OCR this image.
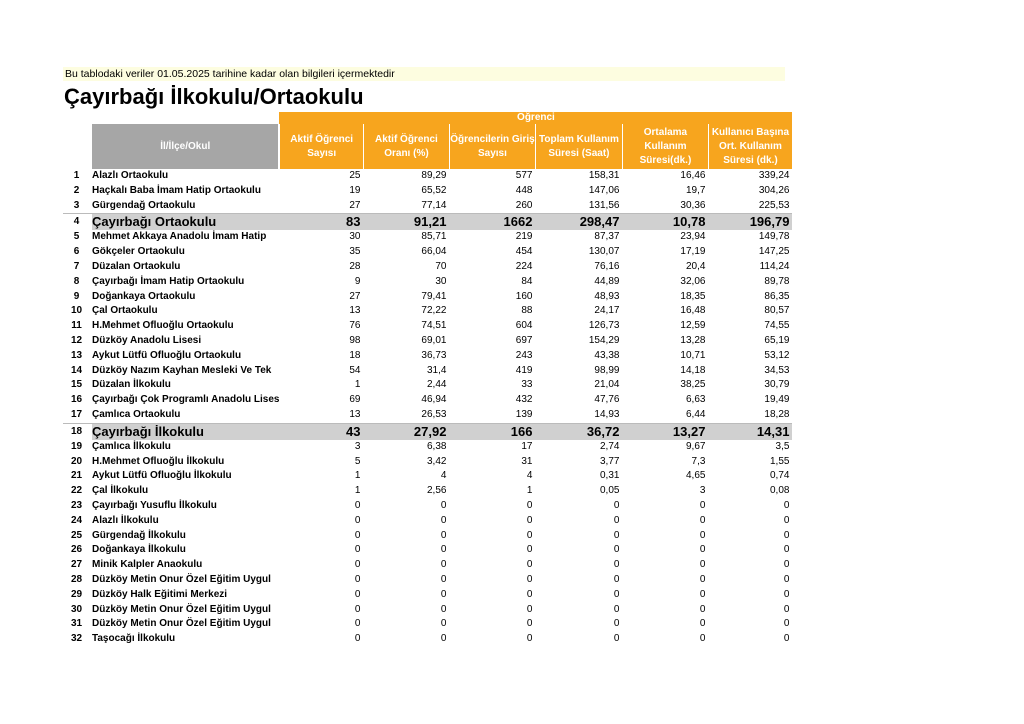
Bu tablodaki veriler 01.05.2025 tarihine kadar olan bilgileri içermektedir
Çayırbağı İlkokulu/Ortaokulu
		Öğrenci					
	İl/İlçe/Okul	Aktif Öğrenci Sayısı	Aktif Öğrenci Oranı (%)	Öğrencilerin Giriş Sayısı	Toplam Kullanım Süresi (Saat)	Ortalama Kullanım Süresi(dk.)	Kullanıcı Başına Ort. Kullanım Süresi (dk.)
1	Alazlı Ortaokulu	25	89,29	577	158,31	16,46	339,24
2	Haçkalı Baba İmam Hatip Ortaokulu	19	65,52	448	147,06	19,7	304,26
3	Gürgendağ Ortaokulu	27	77,14	260	131,56	30,36	225,53
4	Çayırbağı Ortaokulu	83	91,21	1662	298,47	10,78	196,79
5	Mehmet Akkaya Anadolu İmam Hatip	30	85,71	219	87,37	23,94	149,78
6	Gökçeler Ortaokulu	35	66,04	454	130,07	17,19	147,25
7	Düzalan Ortaokulu	28	70	224	76,16	20,4	114,24
8	Çayırbağı İmam Hatip Ortaokulu	9	30	84	44,89	32,06	89,78
9	Doğankaya Ortaokulu	27	79,41	160	48,93	18,35	86,35
10	Çal Ortaokulu	13	72,22	88	24,17	16,48	80,57
11	H.Mehmet Ofluoğlu Ortaokulu	76	74,51	604	126,73	12,59	74,55
12	Düzköy Anadolu Lisesi	98	69,01	697	154,29	13,28	65,19
13	Aykut Lütfü Ofluoğlu Ortaokulu	18	36,73	243	43,38	10,71	53,12
14	Düzköy Nazım Kayhan Mesleki Ve Tek	54	31,4	419	98,99	14,18	34,53
15	Düzalan İlkokulu	1	2,44	33	21,04	38,25	30,79
16	Çayırbağı Çok Programlı Anadolu Lises	69	46,94	432	47,76	6,63	19,49
17	Çamlıca Ortaokulu	13	26,53	139	14,93	6,44	18,28
18	Çayırbağı İlkokulu	43	27,92	166	36,72	13,27	14,31
19	Çamlıca İlkokulu	3	6,38	17	2,74	9,67	3,5
20	H.Mehmet Ofluoğlu İlkokulu	5	3,42	31	3,77	7,3	1,55
21	Aykut Lütfü Ofluoğlu İlkokulu	1	4	4	0,31	4,65	0,74
22	Çal İlkokulu	1	2,56	1	0,05	3	0,08
23	Çayırbağı Yusuflu İlkokulu	0	0	0	0	0	0
24	Alazlı İlkokulu	0	0	0	0	0	0
25	Gürgendağ İlkokulu	0	0	0	0	0	0
26	Doğankaya İlkokulu	0	0	0	0	0	0
27	Minik Kalpler Anaokulu	0	0	0	0	0	0
28	Düzköy Metin Onur Özel Eğitim Uygul	0	0	0	0	0	0
29	Düzköy Halk Eğitimi Merkezi	0	0	0	0	0	0
30	Düzköy Metin Onur Özel Eğitim Uygul	0	0	0	0	0	0
31	Düzköy Metin Onur Özel Eğitim Uygul	0	0	0	0	0	0
32	Taşocağı İlkokulu	0	0	0	0	0	0
